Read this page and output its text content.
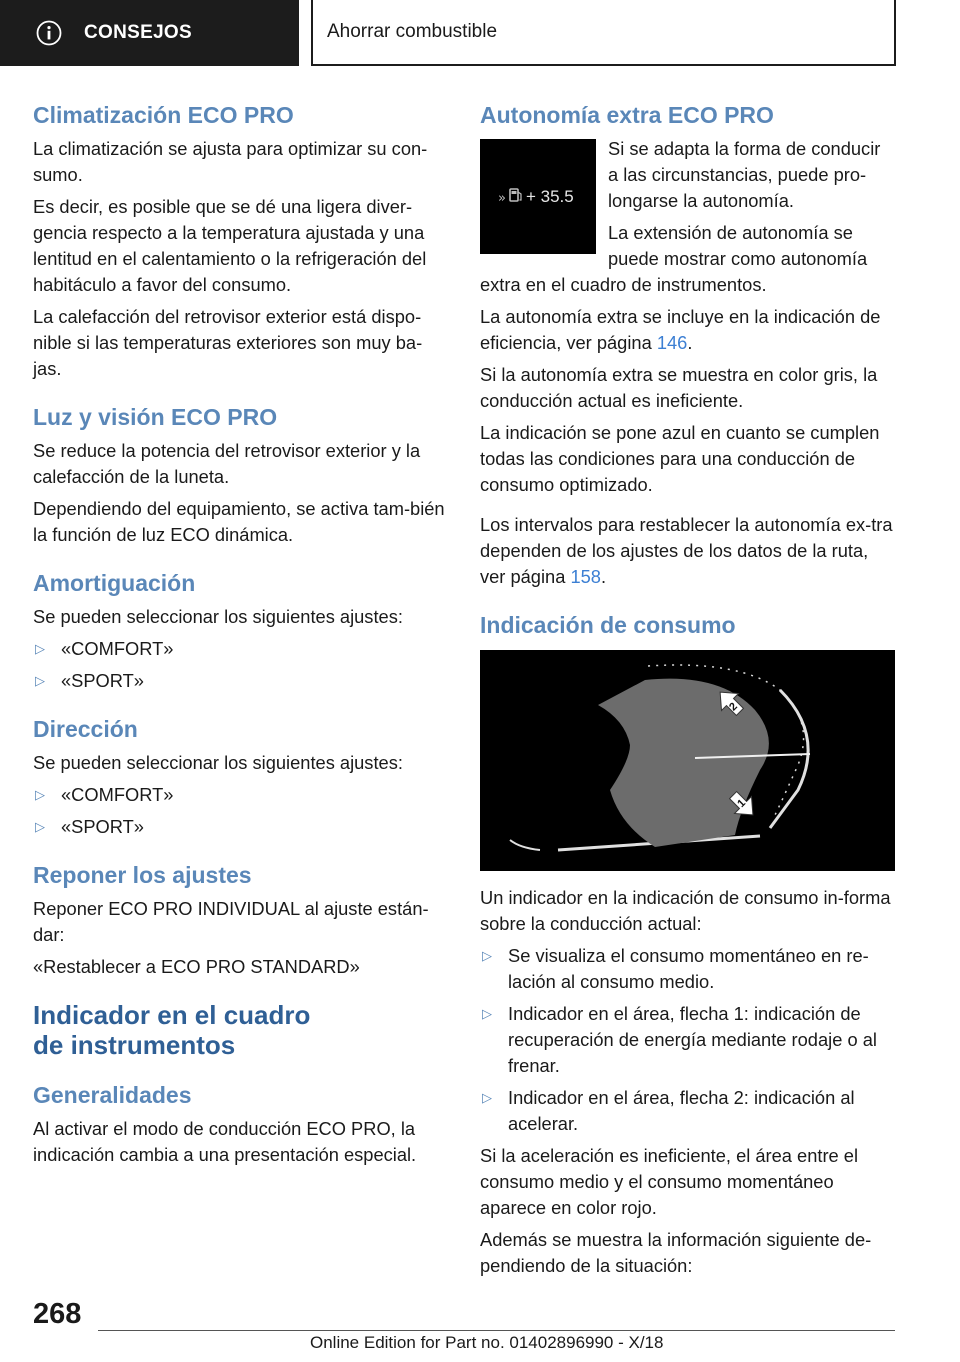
CONSEJOS	Ahorrar combustible
Climatización ECO PRO

La climatización se ajusta para optimizar su con-sumo.

Es decir, es posible que se dé una ligera diver-gencia respecto a la temperatura ajustada y una lentitud en el calentamiento o la refrigeración del habitáculo a favor del consumo.

La calefacción del retrovisor exterior está dispo-nible si las temperaturas exteriores son muy ba-jas.

Luz y visión ECO PRO

Se reduce la potencia del retrovisor exterior y la calefacción de la luneta.

Dependiendo del equipamiento, se activa tam-bién la función de luz ECO dinámica.

Amortiguación

Se pueden seleccionar los siguientes ajustes:

▷ «COMFORT»
▷ «SPORT»
Dirección

Se pueden seleccionar los siguientes ajustes:

▷ «COMFORT»
▷ «SPORT»
Reponer los ajustes

Reponer ECO PRO INDIVIDUAL al ajuste están-dar:

«Restablecer a ECO PRO STANDARD»

Indicador en el cuadro
de instrumentos
Generalidades

Al activar el modo de conducción ECO PRO, la indicación cambia a una presentación especial.

Autonomía extra ECO PRO
» + 35.5

Si se adapta la forma de conducir a las circunstancias, puede pro-longarse la autonomía.

La extensión de autonomía se puede mostrar como autonomía extra en el cuadro de instrumentos.

La autonomía extra se incluye en la indicación de eficiencia, ver página 146.

Si la autonomía extra se muestra en color gris, la conducción actual es ineficiente.

La indicación se pone azul en cuanto se cumplen todas las condiciones para una conducción de consumo optimizado.

Los intervalos para restablecer la autonomía ex-tra dependen de los ajustes de los datos de la ruta, ver página 158.

Indicación de consumo
2
1

Un indicador en la indicación de consumo in-forma sobre la conducción actual:

▷ Se visualiza el consumo momentáneo en re-lación al consumo medio.
▷ Indicador en el área, flecha 1: indicación de recuperación de energía mediante rodaje o al frenar.
▷ Indicador en el área, flecha 2: indicación al acelerar.

Si la aceleración es ineficiente, el área entre el consumo medio y el consumo momentáneo aparece en color rojo.

Además se muestra la información siguiente de-pendiendo de la situación:

268
Online Edition for Part no. 01402896990 - X/18
